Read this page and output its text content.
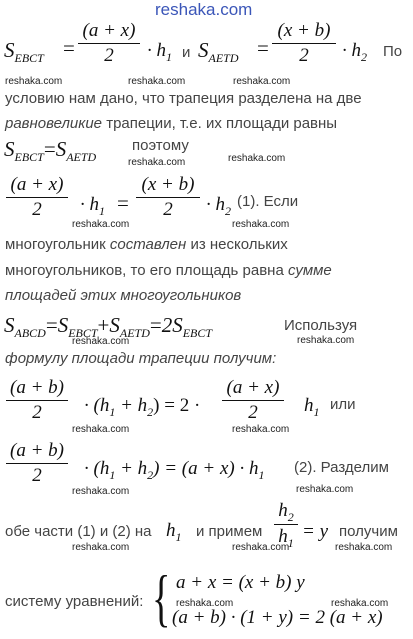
reshaka.com
$S_{EBCT}$ =
(a + x)
2	· $h_1$ и $S_{AETD}$ =
(x + b)
2	· $h_2$ По
reshaka.com	reshaka.com	reshaka.com
условию нам дано, что трапеция разделена на две
равновеликие трапеции, т.е. их площади равны
$S_{EBCT}=S_{AETD}$
поэтому
reshaka.com	reshaka.com
(a + x)
2	· $h_1$ =
(x + b)
2	· $h_2$
(1). Если
reshaka.com	reshaka.com
многоугольник составлен из нескольких
многоугольников, то его площадь равна сумме
площадей этих многоугольников
$S_{ABCD}=S_{EBCT}+S_{AETD}=2S_{EBCT}$	Используя
reshaka.com	reshaka.com
формулу площади трапеции получим:
(a + b)
2	· $(h_1 + h_2) = 2$ ·
(a + x)
2	$h_1$ или
reshaka.com	reshaka.com
(a + b)
2	· $(h_1 + h_2) = (a + x) \cdot h_1$ (2). Разделим
reshaka.com	reshaka.com
обе части (1) и (2) на $h_1$ и примем
$h_2$
$h_1$
= y получим
reshaka.com	reshaka.com	reshaka.com
систему уравнений: { a + x = (x + b) y
(a + b) · (1 + y) = 2 (a + x)
reshaka.com	reshaka.com
